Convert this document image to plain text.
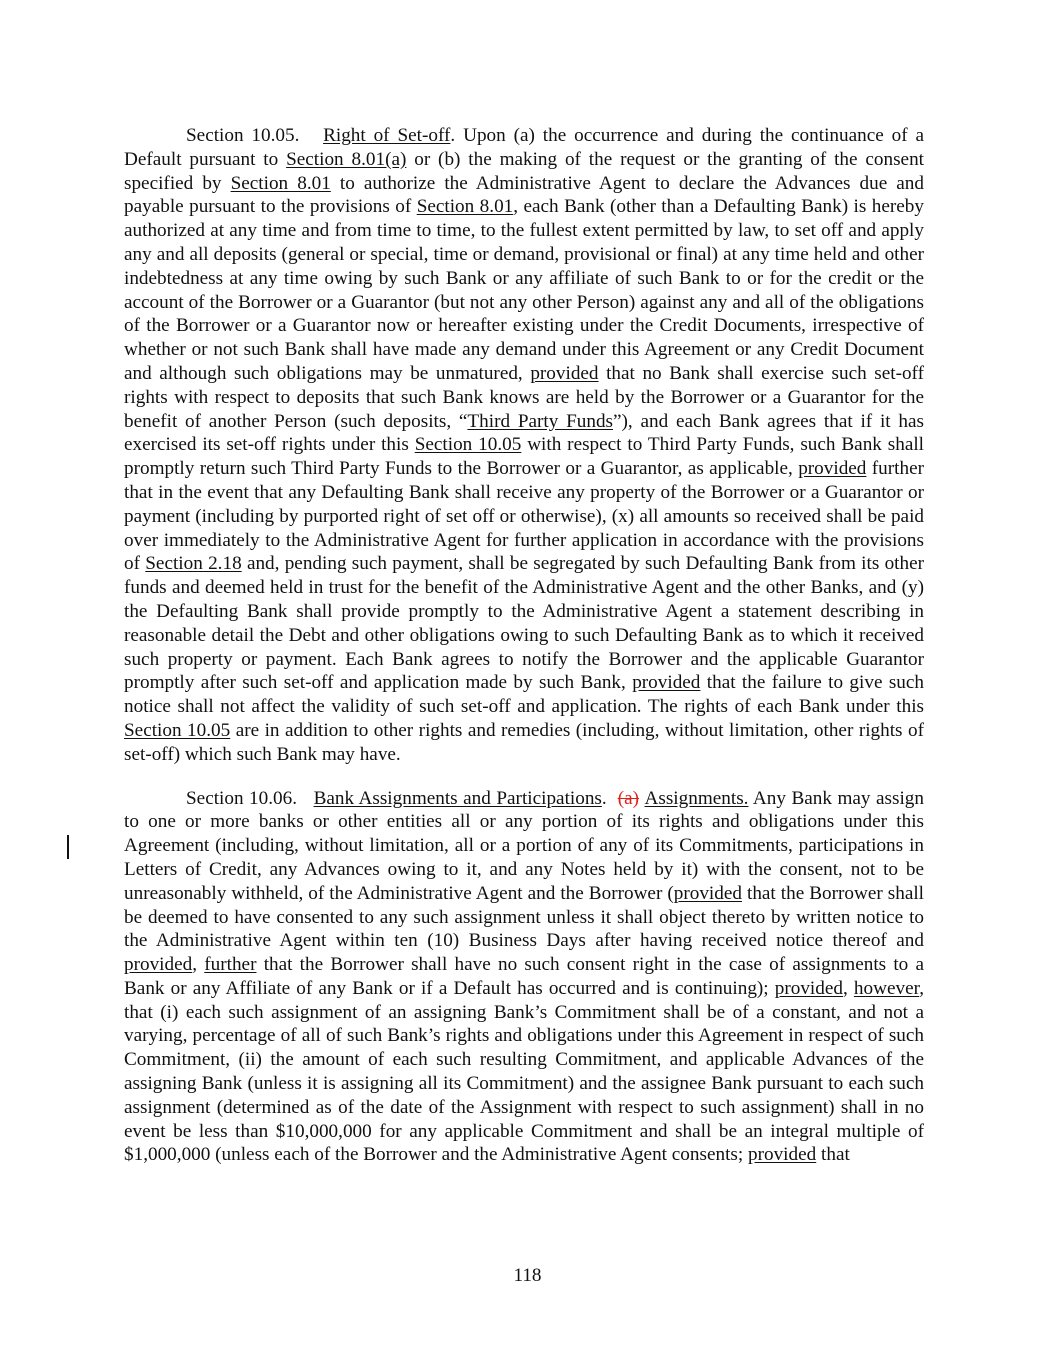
Section 10.05. Right of Set-off. Upon (a) the occurrence and during the continuance of a Default pursuant to Section 8.01(a) or (b) the making of the request or the granting of the consent specified by Section 8.01 to authorize the Administrative Agent to declare the Advances due and payable pursuant to the provisions of Section 8.01, each Bank (other than a Defaulting Bank) is hereby authorized at any time and from time to time, to the fullest extent permitted by law, to set off and apply any and all deposits (general or special, time or demand, provisional or final) at any time held and other indebtedness at any time owing by such Bank or any affiliate of such Bank to or for the credit or the account of the Borrower or a Guarantor (but not any other Person) against any and all of the obligations of the Borrower or a Guarantor now or hereafter existing under the Credit Documents, irrespective of whether or not such Bank shall have made any demand under this Agreement or any Credit Document and although such obligations may be unmatured, provided that no Bank shall exercise such set-off rights with respect to deposits that such Bank knows are held by the Borrower or a Guarantor for the benefit of another Person (such deposits, “Third Party Funds”), and each Bank agrees that if it has exercised its set-off rights under this Section 10.05 with respect to Third Party Funds, such Bank shall promptly return such Third Party Funds to the Borrower or a Guarantor, as applicable, provided further that in the event that any Defaulting Bank shall receive any property of the Borrower or a Guarantor or payment (including by purported right of set off or otherwise), (x) all amounts so received shall be paid over immediately to the Administrative Agent for further application in accordance with the provisions of Section 2.18 and, pending such payment, shall be segregated by such Defaulting Bank from its other funds and deemed held in trust for the benefit of the Administrative Agent and the other Banks, and (y) the Defaulting Bank shall provide promptly to the Administrative Agent a statement describing in reasonable detail the Debt and other obligations owing to such Defaulting Bank as to which it received such property or payment. Each Bank agrees to notify the Borrower and the applicable Guarantor promptly after such set-off and application made by such Bank, provided that the failure to give such notice shall not affect the validity of such set-off and application. The rights of each Bank under this Section 10.05 are in addition to other rights and remedies (including, without limitation, other rights of set-off) which such Bank may have.

Section 10.06. Bank Assignments and Participations. (a) Assignments. Any Bank may assign to one or more banks or other entities all or any portion of its rights and obligations under this Agreement (including, without limitation, all or a portion of any of its Commitments, participations in Letters of Credit, any Advances owing to it, and any Notes held by it) with the consent, not to be unreasonably withheld, of the Administrative Agent and the Borrower (provided that the Borrower shall be deemed to have consented to any such assignment unless it shall object thereto by written notice to the Administrative Agent within ten (10) Business Days after having received notice thereof and provided, further that the Borrower shall have no such consent right in the case of assignments to a Bank or any Affiliate of any Bank or if a Default has occurred and is continuing); provided, however, that (i) each such assignment of an assigning Bank’s Commitment shall be of a constant, and not a varying, percentage of all of such Bank’s rights and obligations under this Agreement in respect of such Commitment, (ii) the amount of each such resulting Commitment, and applicable Advances of the assigning Bank (unless it is assigning all its Commitment) and the assignee Bank pursuant to each such assignment (determined as of the date of the Assignment with respect to such assignment) shall in no event be less than $10,000,000 for any applicable Commitment and shall be an integral multiple of $1,000,000 (unless each of the Borrower and the Administrative Agent consents; provided that

118
